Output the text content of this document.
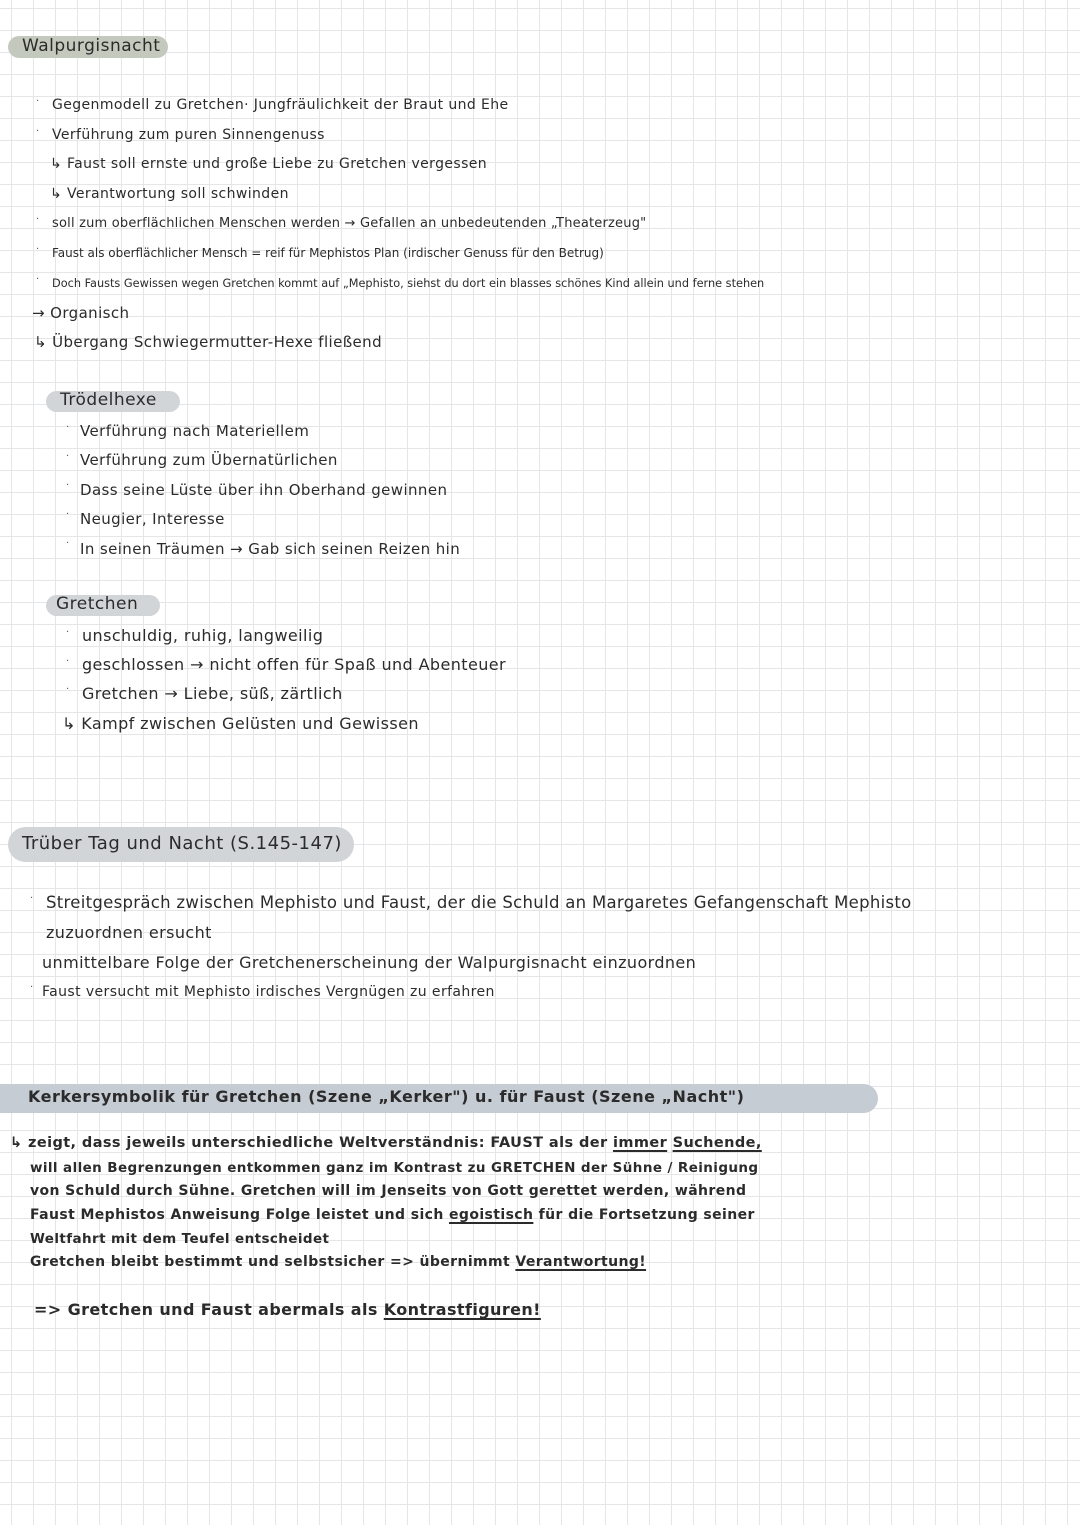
Walpurgisnacht
· Gegenmodell zu Gretchen· Jungfräulichkeit der Braut und Ehe
· Verführung zum puren Sinnengenuss
↳ Faust soll ernste und große Liebe zu Gretchen vergessen
↳ Verantwortung soll schwinden
· soll zum oberflächlichen Menschen werden → Gefallen an unbedeutenden „Theaterzeug"
· Faust als oberflächlicher Mensch = reif für Mephistos Plan (irdischer Genuss für den Betrug)
· Doch Fausts Gewissen wegen Gretchen kommt auf „Mephisto, siehst du dort ein blasses schönes Kind allein und ferne stehen
→ Organisch
↳ Übergang Schwiegermutter-Hexe fließend
Trödelhexe
· Verführung nach Materiellem
· Verführung zum Übernatürlichen
· Dass seine Lüste über ihn Oberhand gewinnen
· Neugier, Interesse
· In seinen Träumen → Gab sich seinen Reizen hin
Gretchen
· unschuldig, ruhig, langweilig
· geschlossen → nicht offen für Spaß und Abenteuer
· Gretchen → Liebe, süß, zärtlich
↳ Kampf zwischen Gelüsten und Gewissen
Trüber Tag und Nacht (S.145-147)
· Streitgespräch zwischen Mephisto und Faust, der die Schuld an Margaretes Gefangenschaft Mephisto
zuzuordnen ersucht
unmittelbare Folge der Gretchenerscheinung der Walpurgisnacht einzuordnen
· Faust versucht mit Mephisto irdisches Vergnügen zu erfahren
Kerkersymbolik für Gretchen (Szene „Kerker") u. für Faust (Szene „Nacht")
↳ zeigt, dass jeweils unterschiedliche Weltverständnis: FAUST als der immer Suchende,
will allen Begrenzungen entkommen ganz im Kontrast zu GRETCHEN der Sühne / Reinigung
von Schuld durch Sühne. Gretchen will im Jenseits von Gott gerettet werden, während
Faust Mephistos Anweisung Folge leistet und sich egoistisch für die Fortsetzung seiner
Weltfahrt mit dem Teufel entscheidet
Gretchen bleibt bestimmt und selbstsicher => übernimmt Verantwortung!
=> Gretchen und Faust abermals als Kontrastfiguren!
